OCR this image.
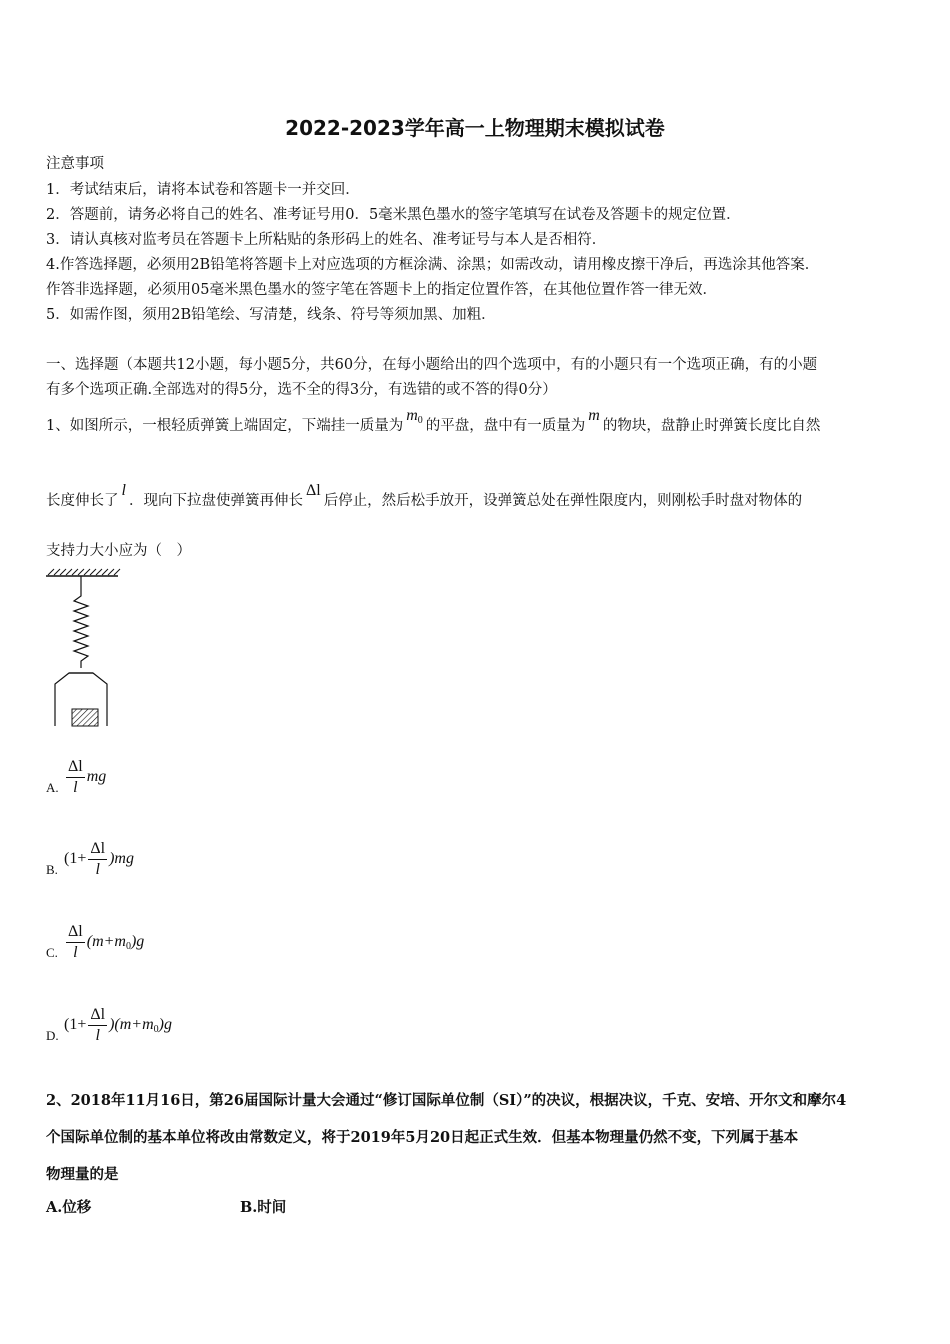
2022-2023学年高一上物理期末模拟试卷
注意事项
1．考试结束后，请将本试卷和答题卡一并交回．
2．答题前，请务必将自己的姓名、准考证号用0．5毫米黑色墨水的签字笔填写在试卷及答题卡的规定位置．
3．请认真核对监考员在答题卡上所粘贴的条形码上的姓名、准考证号与本人是否相符．
4.作答选择题，必须用2B铅笔将答题卡上对应选项的方框涂满、涂黑；如需改动，请用橡皮擦干净后，再选涂其他答案．
作答非选择题，必须用05毫米黑色墨水的签字笔在答题卡上的指定位置作答，在其他位置作答一律无效．
5．如需作图，须用2B铅笔绘、写清楚，线条、符号等须加黑、加粗．
一、选择题（本题共12小题，每小题5分，共60分，在每小题给出的四个选项中，有的小题只有一个选项正确，有的小题
有多个选项正确.全部选对的得5分，选不全的得3分，有选错的或不答的得0分）
1、如图所示，一根轻质弹簧上端固定，下端挂一质量为$m_0$ 的平盘，盘中有一质量为m的物块，盘静止时弹簧长度比自然
长度伸长了l．现向下拉盘使弹簧再伸长Δl后停止，然后松手放开，设弹簧总处在弹性限度内，则刚松手时盘对物体的
支持力大小应为（　）
A. $\frac{\Delta l}{l}$ mg
B.
$(1+ \frac{\Delta l}{l} )mg$
C. $\frac{\Delta l}{l} (m+m_0)g$
D.
$(1+ \frac{\Delta l}{l} )(m+m_0)g$
2、2018年11月16日，第26届国际计量大会通过“修订国际单位制（SI）”的决议，根据决议，千克、安培、开尔文和摩尔4
个国际单位制的基本单位将改由常数定义，将于2019年5月20日起正式生效．但基本物理量仍然不变，下列属于基本
物理量的是
A.位移	B.时间
